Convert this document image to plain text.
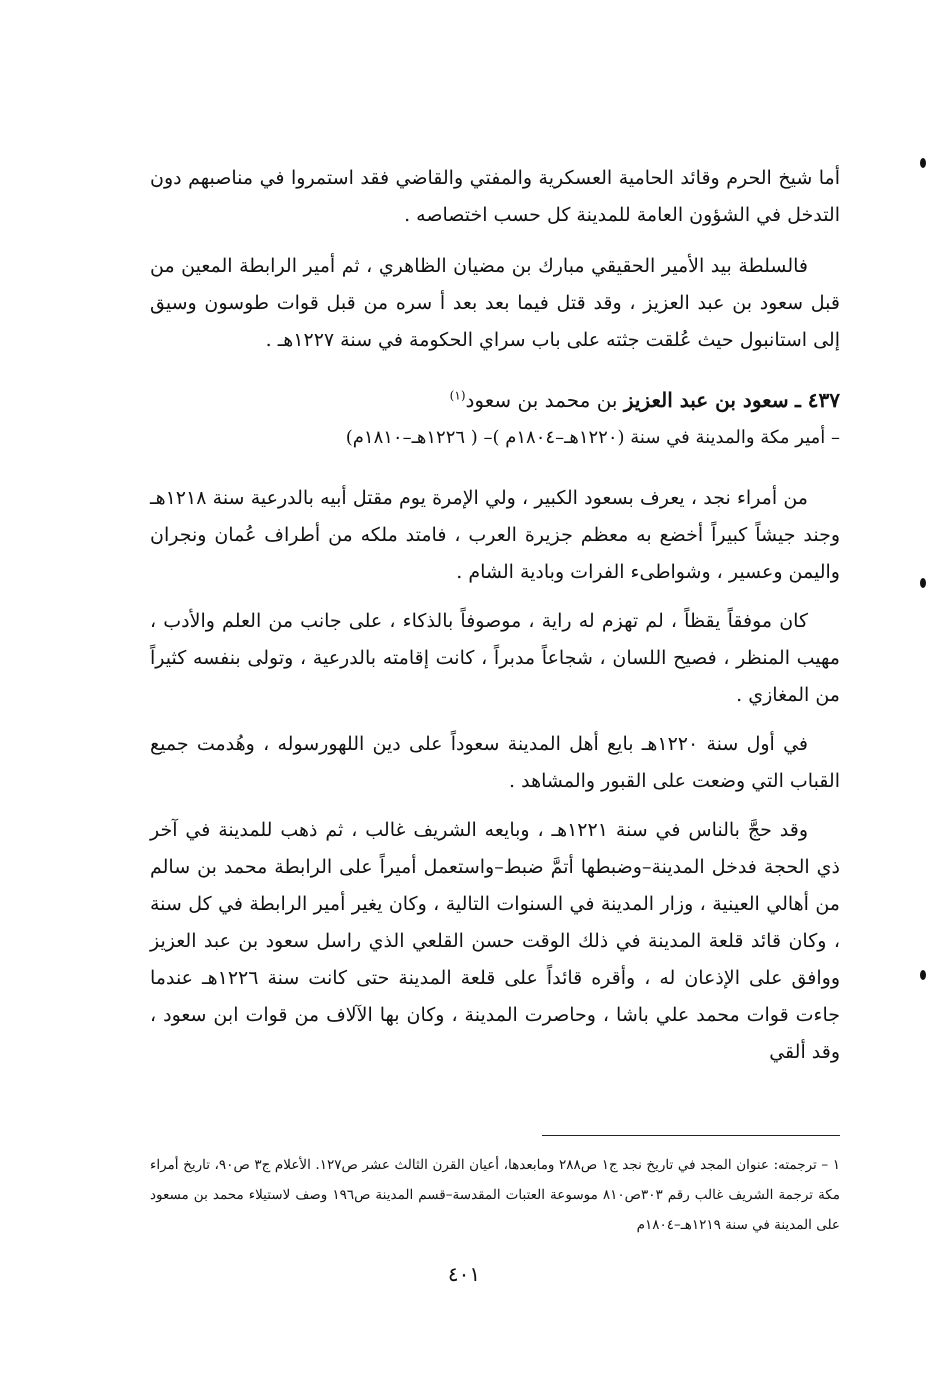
أما شيخ الحرم وقائد الحامية العسكرية والمفتي والقاضي فقد استمروا في مناصبهم دون التدخل في الشؤون العامة للمدينة كل حسب اختصاصه .

فالسلطة بيد الأمير الحقيقي مبارك بن مضيان الظاهري ، ثم أمير الرابطة المعين من قبل سعود بن عبد العزيز ، وقد قتل فيما بعد بعد أ سره من قبل قوات طوسون وسيق إلى استانبول حيث عُلقت جثته على باب سراي الحكومة في سنة ١٢٢٧هـ .

٤٣٧ ـ سعود بن عبد العزيز بن محمد بن سعود$^{(١)}$

– أمير مكة والمدينة في سنة (١٢٢٠هـ–١٨٠٤م )– ( ١٢٢٦هـ–١٨١٠م)

من أمراء نجد ، يعرف بسعود الكبير ، ولي الإمرة يوم مقتل أبيه بالدرعية سنة ١٢١٨هـ وجند جيشاً كبيراً أخضع به معظم جزيرة العرب ، فامتد ملكه من أطراف عُمان ونجران واليمن وعسير ، وشواطىء الفرات وبادية الشام .

كان موفقاً يقظاً ، لم تهزم له راية ، موصوفاً بالذكاء ، على جانب من العلم والأدب ، مهيب المنظر ، فصيح اللسان ، شجاعاً مدبراً ، كانت إقامته بالدرعية ، وتولى بنفسه كثيراً من المغازي .

في أول سنة ١٢٢٠هـ بايع أهل المدينة سعوداً على دين اللهورسوله ، وهُدمت جميع القباب التي وضعت على القبور والمشاهد .

وقد حجَّ بالناس في سنة ١٢٢١هـ ، وبايعه الشريف غالب ، ثم ذهب للمدينة في آخر ذي الحجة فدخل المدينة–وضبطها أتمَّ ضبط–واستعمل أميراً على الرابطة محمد بن سالم من أهالي العينية ، وزار المدينة في السنوات التالية ، وكان يغير أمير الرابطة في كل سنة ، وكان قائد قلعة المدينة في ذلك الوقت حسن القلعي الذي راسل سعود بن عبد العزيز ووافق على الإذعان له ، وأقره قائداً على قلعة المدينة حتى كانت سنة ١٢٢٦هـ عندما جاءت قوات محمد علي باشا ، وحاصرت المدينة ، وكان بها الآلاف من قوات ابن سعود ، وقد ألقي

١ – ترجمته: عنوان المجد في تاريخ نجد ج١ ص٢٨٨ ومابعدها، أعيان القرن الثالث عشر ص١٢٧. الأعلام ج٣ ص٩٠، تاريخ أمراء مكة ترجمة الشريف غالب رقم ٣٠٣ص٨١٠ موسوعة العتبات المقدسة–قسم المدينة ص١٩٦ وصف لاستيلاء محمد بن مسعود على المدينة في سنة ١٢١٩هـ–١٨٠٤م

٤٠١
